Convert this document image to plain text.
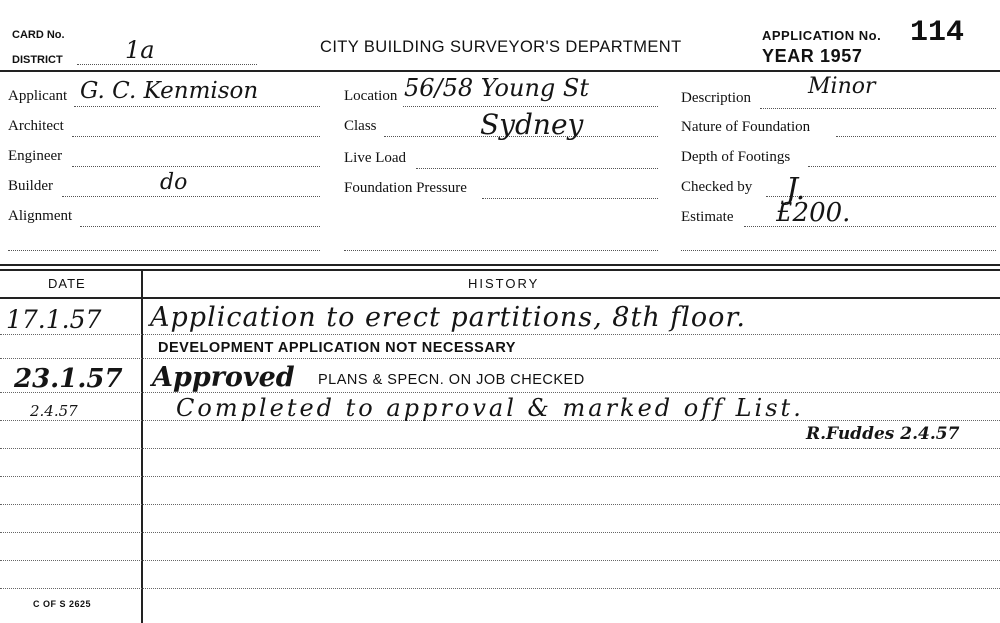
CARD No.
DISTRICT	1a	CITY BUILDING SURVEYOR'S DEPARTMENT
APPLICATION No. 114
YEAR 1957
Applicant G. C. Kenmison
Architect
Engineer
Builder	do
Alignment
Location 56/58 Young St
Class	Sydney
Live Load
Foundation Pressure
Description	Minor
Nature of Foundation
Depth of Footings
Checked by J.
Estimate £200.
DATE	HISTORY
17.1.57 Application to erect partitions, 8th floor.
DEVELOPMENT APPLICATION NOT NECESSARY
23.1.57 Approved PLANS & SPECN. ON JOB CHECKED
2.4.57	Completed to approval & marked off List.
R.Fuddes 2.4.57
C OF S 2625
